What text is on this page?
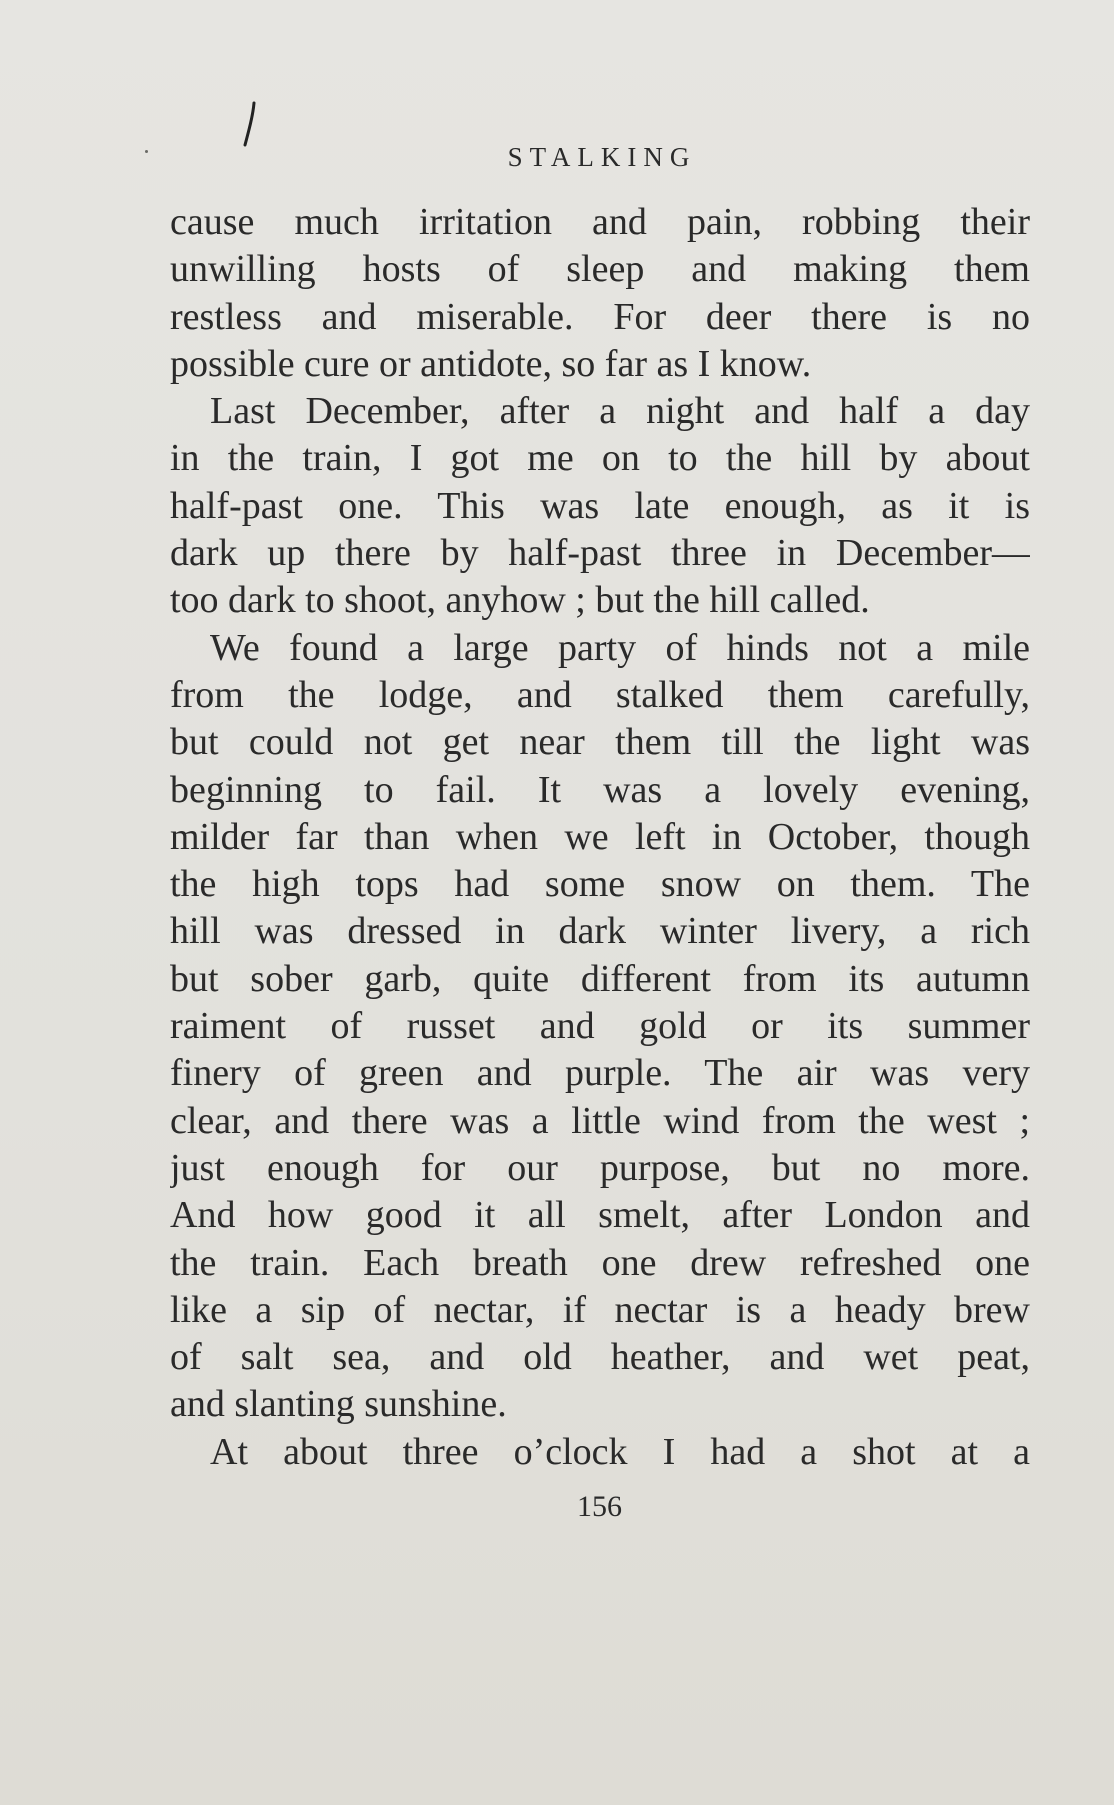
STALKING
cause much irritation and pain, robbing their
unwilling hosts of sleep and making them
restless and miserable. For deer there is no
possible cure or antidote, so far as I know.
Last December, after a night and half a day
in the train, I got me on to the hill by about
half-past one. This was late enough, as it is
dark up there by half-past three in December—
too dark to shoot, anyhow ; but the hill called.
We found a large party of hinds not a mile
from the lodge, and stalked them carefully,
but could not get near them till the light was
beginning to fail. It was a lovely evening,
milder far than when we left in October, though
the high tops had some snow on them. The
hill was dressed in dark winter livery, a rich
but sober garb, quite different from its autumn
raiment of russet and gold or its summer
finery of green and purple. The air was very
clear, and there was a little wind from the west ;
just enough for our purpose, but no more.
And how good it all smelt, after London and
the train. Each breath one drew refreshed one
like a sip of nectar, if nectar is a heady brew
of salt sea, and old heather, and wet peat,
and slanting sunshine.
At about three o’clock I had a shot at a
156
